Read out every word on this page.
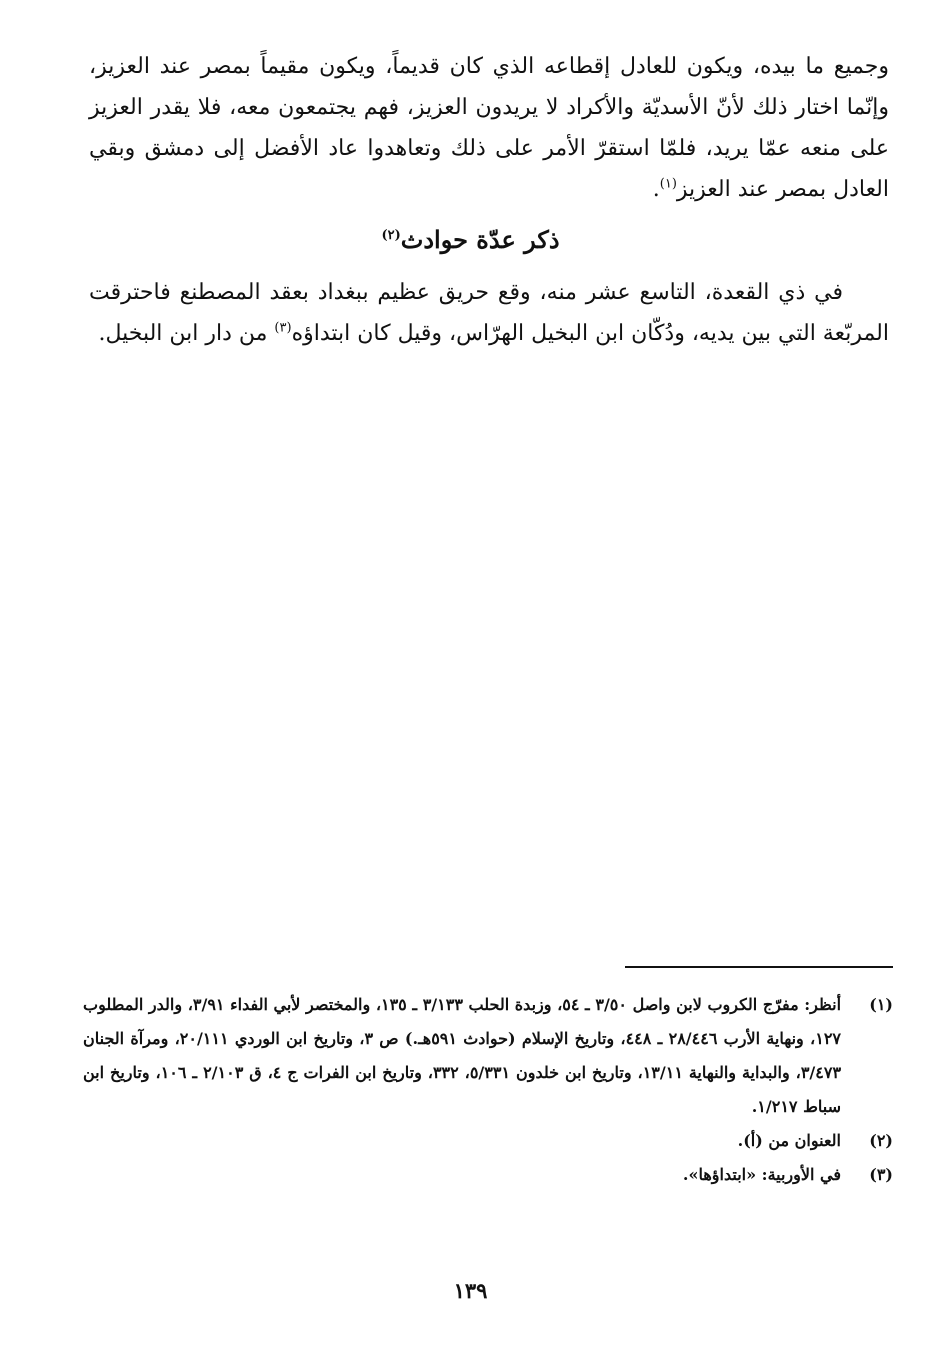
وجميع ما بيده، ويكون للعادل إقطاعه الذي كان قديماً، ويكون مقيماً بمصر عند العزيز، وإنّما اختار ذلك لأنّ الأسديّة والأكراد لا يريدون العزيز، فهم يجتمعون معه، فلا يقدر العزيز على منعه عمّا يريد، فلمّا استقرّ الأمر على ذلك وتعاهدوا عاد الأفضل إلى دمشق وبقي العادل بمصر عند العزيز$^{(١)}$.

ذكر عدّة حوادث$^{(٢)}$

في ذي القعدة، التاسع عشر منه، وقع حريق عظيم ببغداد بعقد المصطنع فاحترقت المربّعة التي بين يديه، ودُكّان ابن البخيل الهرّاس، وقيل كان ابتداؤه$^{(٣)}$ من دار ابن البخيل.

(١)
أنظر: مفرّج الكروب لابن واصل ٣/٥٠ ـ ٥٤، وزبدة الحلب ٣/١٣٣ ـ ١٣٥، والمختصر لأبي الفداء ٣/٩١، والدر المطلوب ١٢٧، ونهاية الأرب ٢٨/٤٤٦ ـ ٤٤٨، وتاريخ الإسلام (حوادث ٥٩١هـ.) ص ٣، وتاريخ ابن الوردي ٢٠/١١١، ومرآة الجنان ٣/٤٧٣، والبداية والنهاية ١٣/١١، وتاريخ ابن خلدون ٥/٣٣١، ٣٣٢، وتاريخ ابن الفرات ج ٤، ق ٢/١٠٣ ـ ١٠٦، وتاريخ ابن سباط ١/٢١٧.
(٢)
العنوان من (أ).
(٣)
في الأوربية: «ابتداؤها».
١٣٩
